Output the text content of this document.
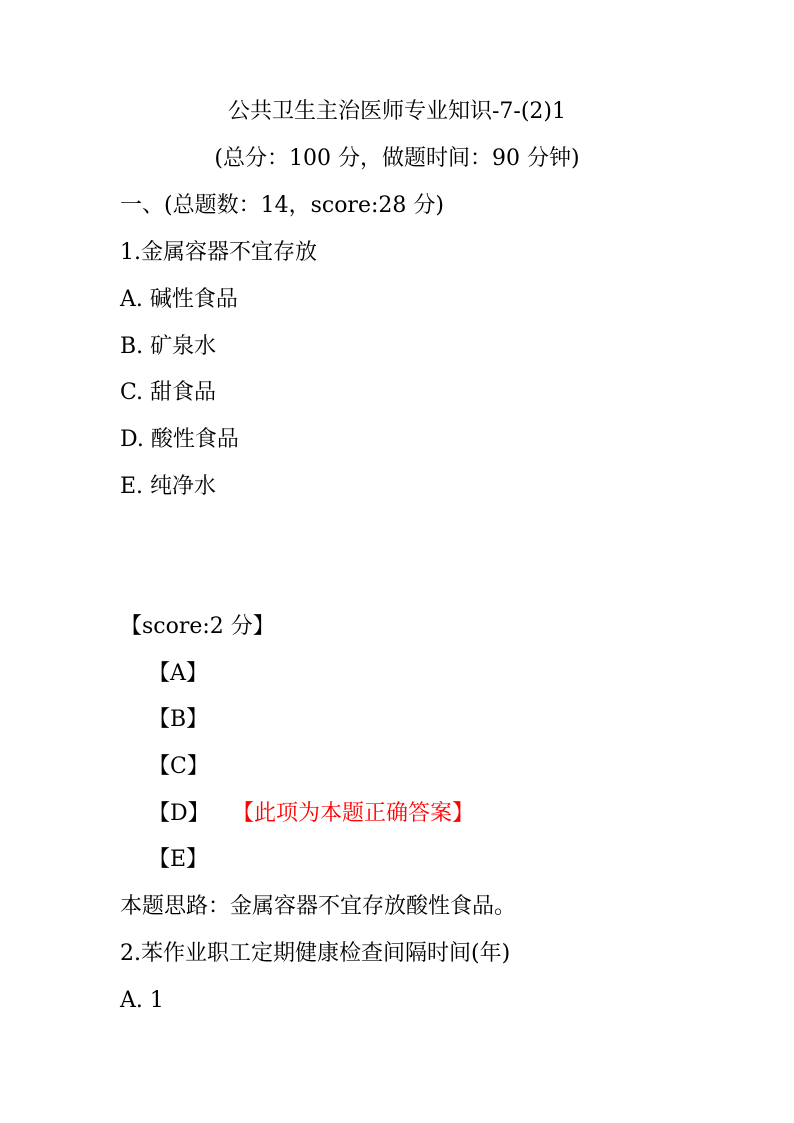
公共卫生主治医师专业知识-7-(2)1
(总分：100 分，做题时间：90 分钟)
一、(总题数：14，score:28 分)
1.金属容器不宜存放
A. 碱性食品
B. 矿泉水
C. 甜食品
D. 酸性食品
E. 纯净水
【score:2 分】
【A】
【B】
【C】
【D】 【此项为本题正确答案】
【E】
本题思路：金属容器不宜存放酸性食品。
2.苯作业职工定期健康检查间隔时间(年)
A. 1
